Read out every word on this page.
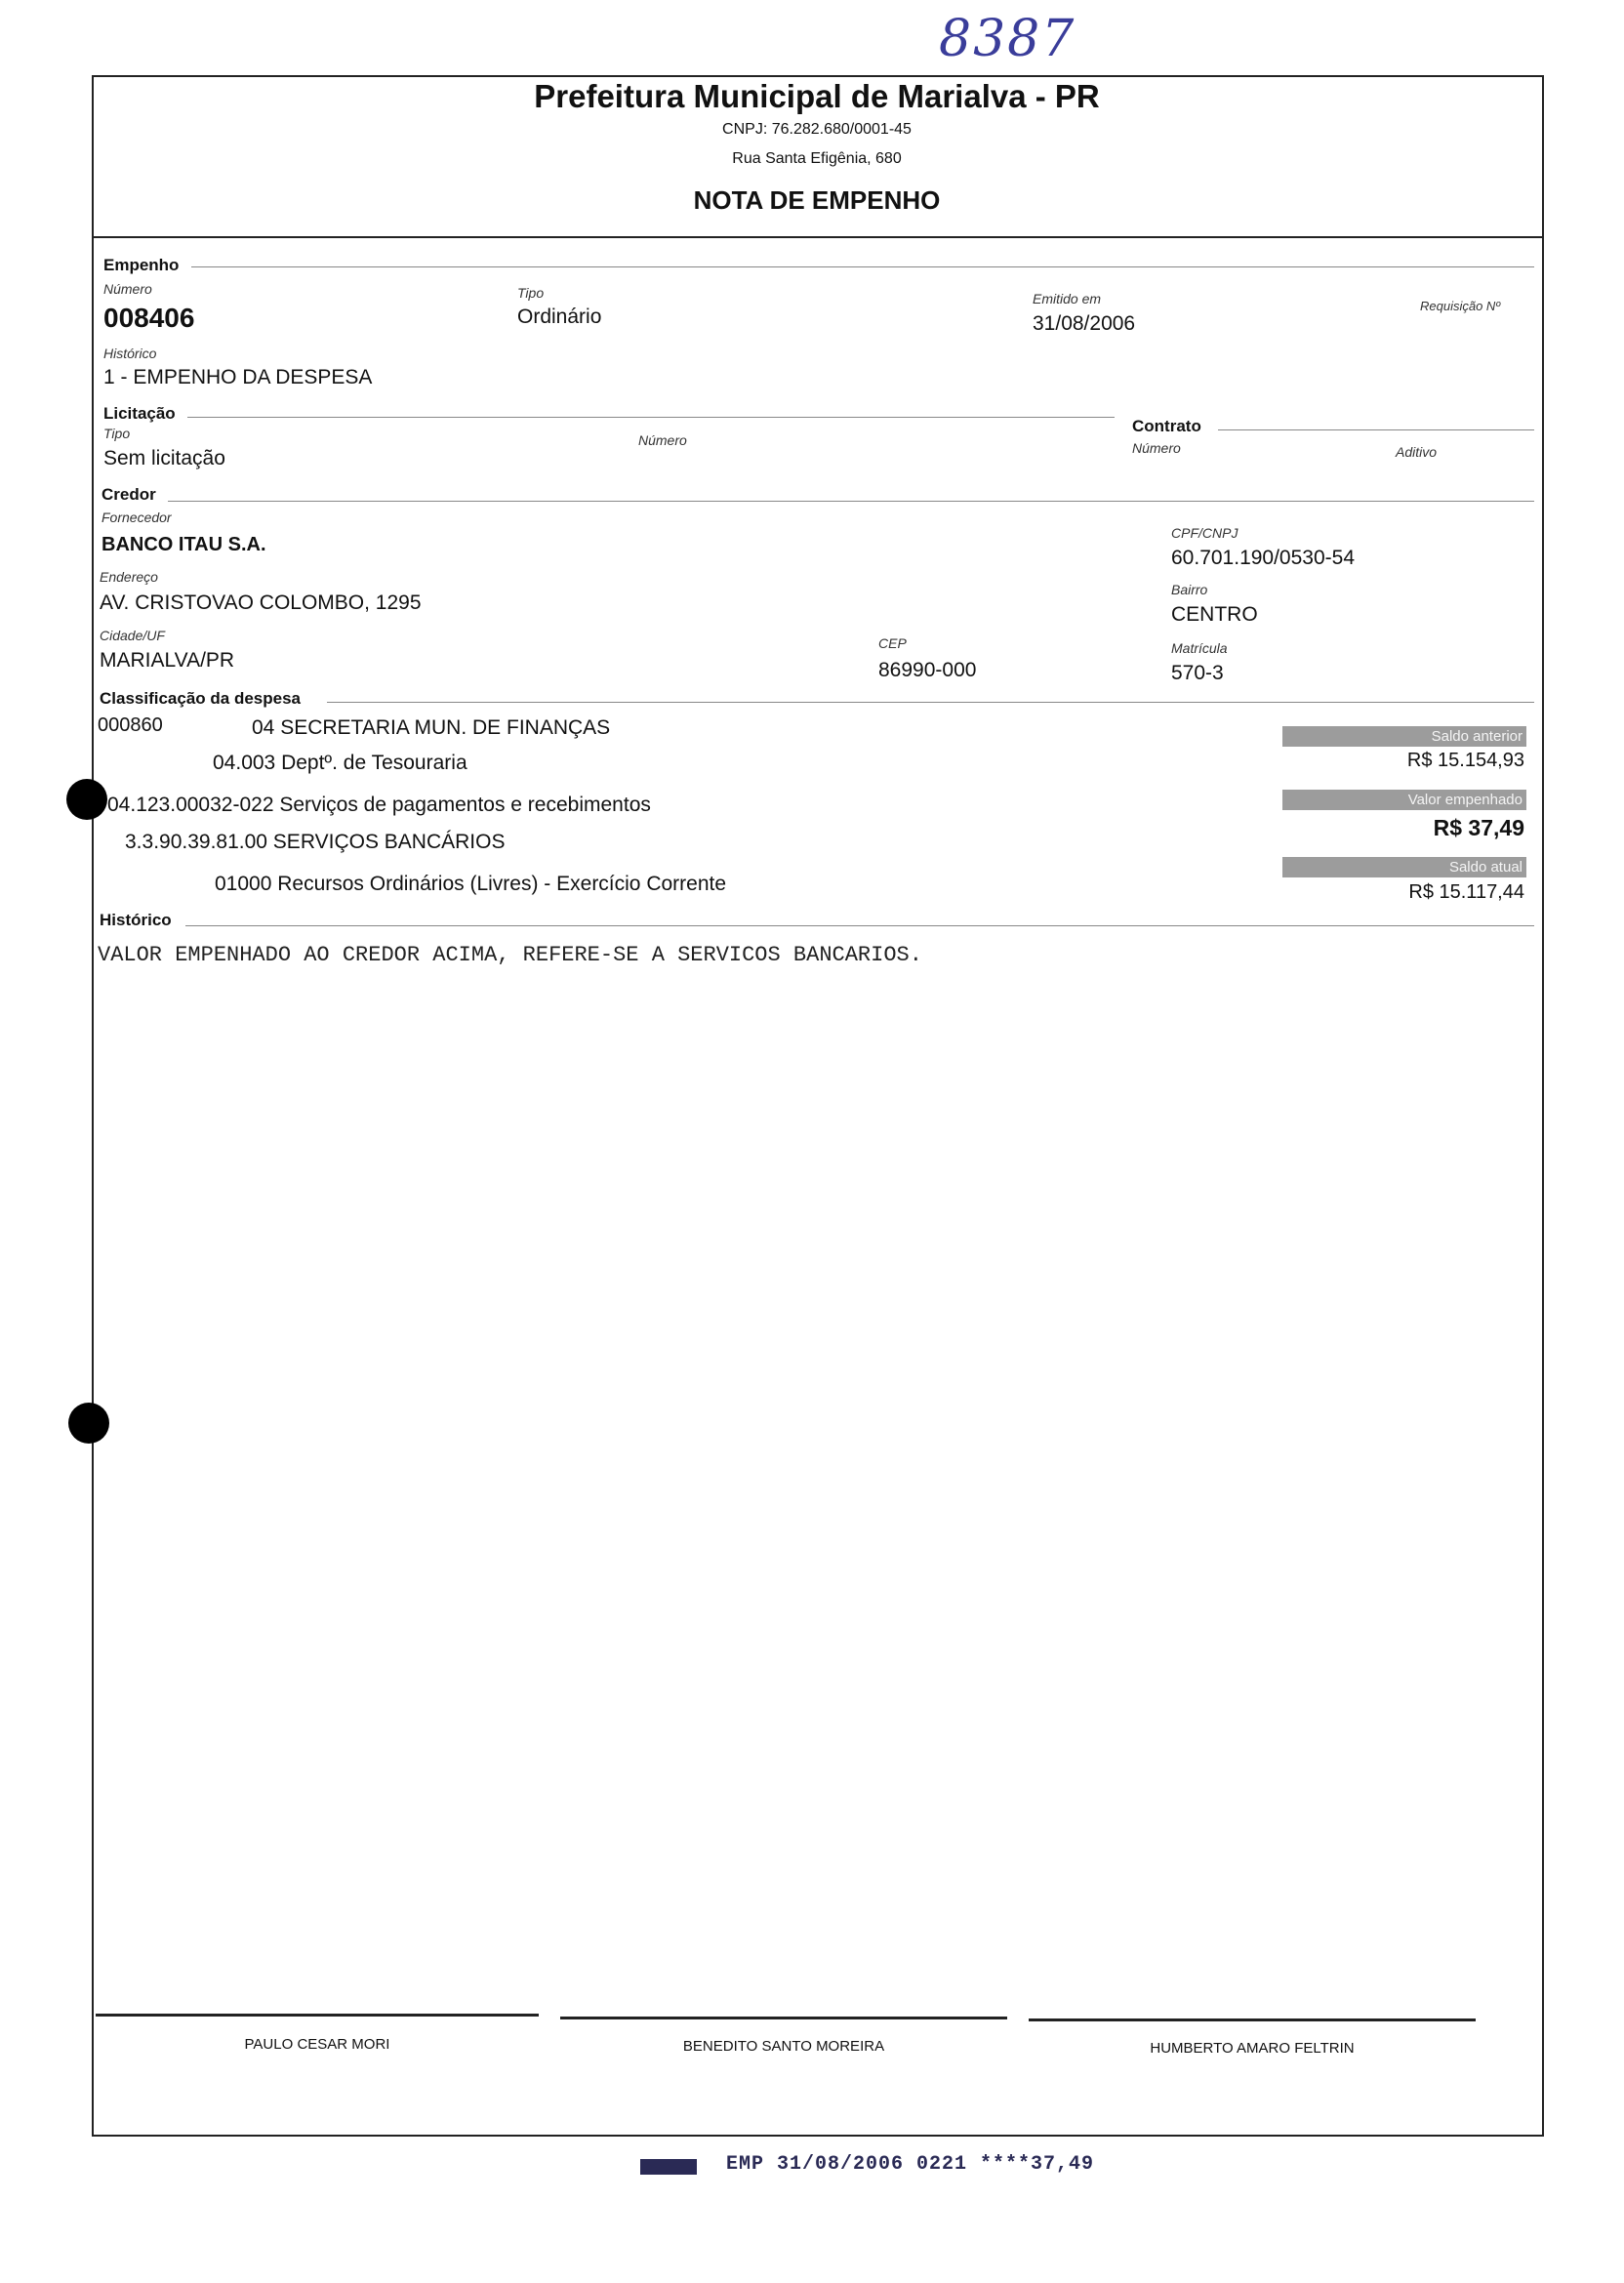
8387
Prefeitura Municipal de Marialva - PR
CNPJ: 76.282.680/0001-45
Rua Santa Efigênia, 680
NOTA DE EMPENHO
Empenho
Número
008406
Tipo
Ordinário
Emitido em
31/08/2006
Requisição Nº
Histórico
1 - EMPENHO DA DESPESA
Licitação
Tipo
Sem licitação
Número
Contrato
Número	Aditivo
Credor
Fornecedor
BANCO ITAU S.A.
CPF/CNPJ
60.701.190/0530-54
Endereço
AV. CRISTOVAO COLOMBO, 1295
Bairro
CENTRO
Cidade/UF
MARIALVA/PR
CEP
86990-000
Matrícula
570-3
Classificação da despesa
000860	04 SECRETARIA MUN. DE FINANÇAS
04.003 Deptº. de Tesouraria
04.123.00032-022 Serviços de pagamentos e recebimentos
3.3.90.39.81.00 SERVIÇOS BANCÁRIOS
01000 Recursos Ordinários (Livres) - Exercício Corrente
Saldo anterior
R$ 15.154,93
Valor empenhado
R$ 37,49
Saldo atual
R$ 15.117,44
Histórico
VALOR EMPENHADO AO CREDOR ACIMA, REFERE-SE A SERVICOS BANCARIOS.
PAULO CESAR MORI	BENEDITO SANTO MOREIRA	HUMBERTO AMARO FELTRIN
EMP 31/08/2006 0221 ****37,49
